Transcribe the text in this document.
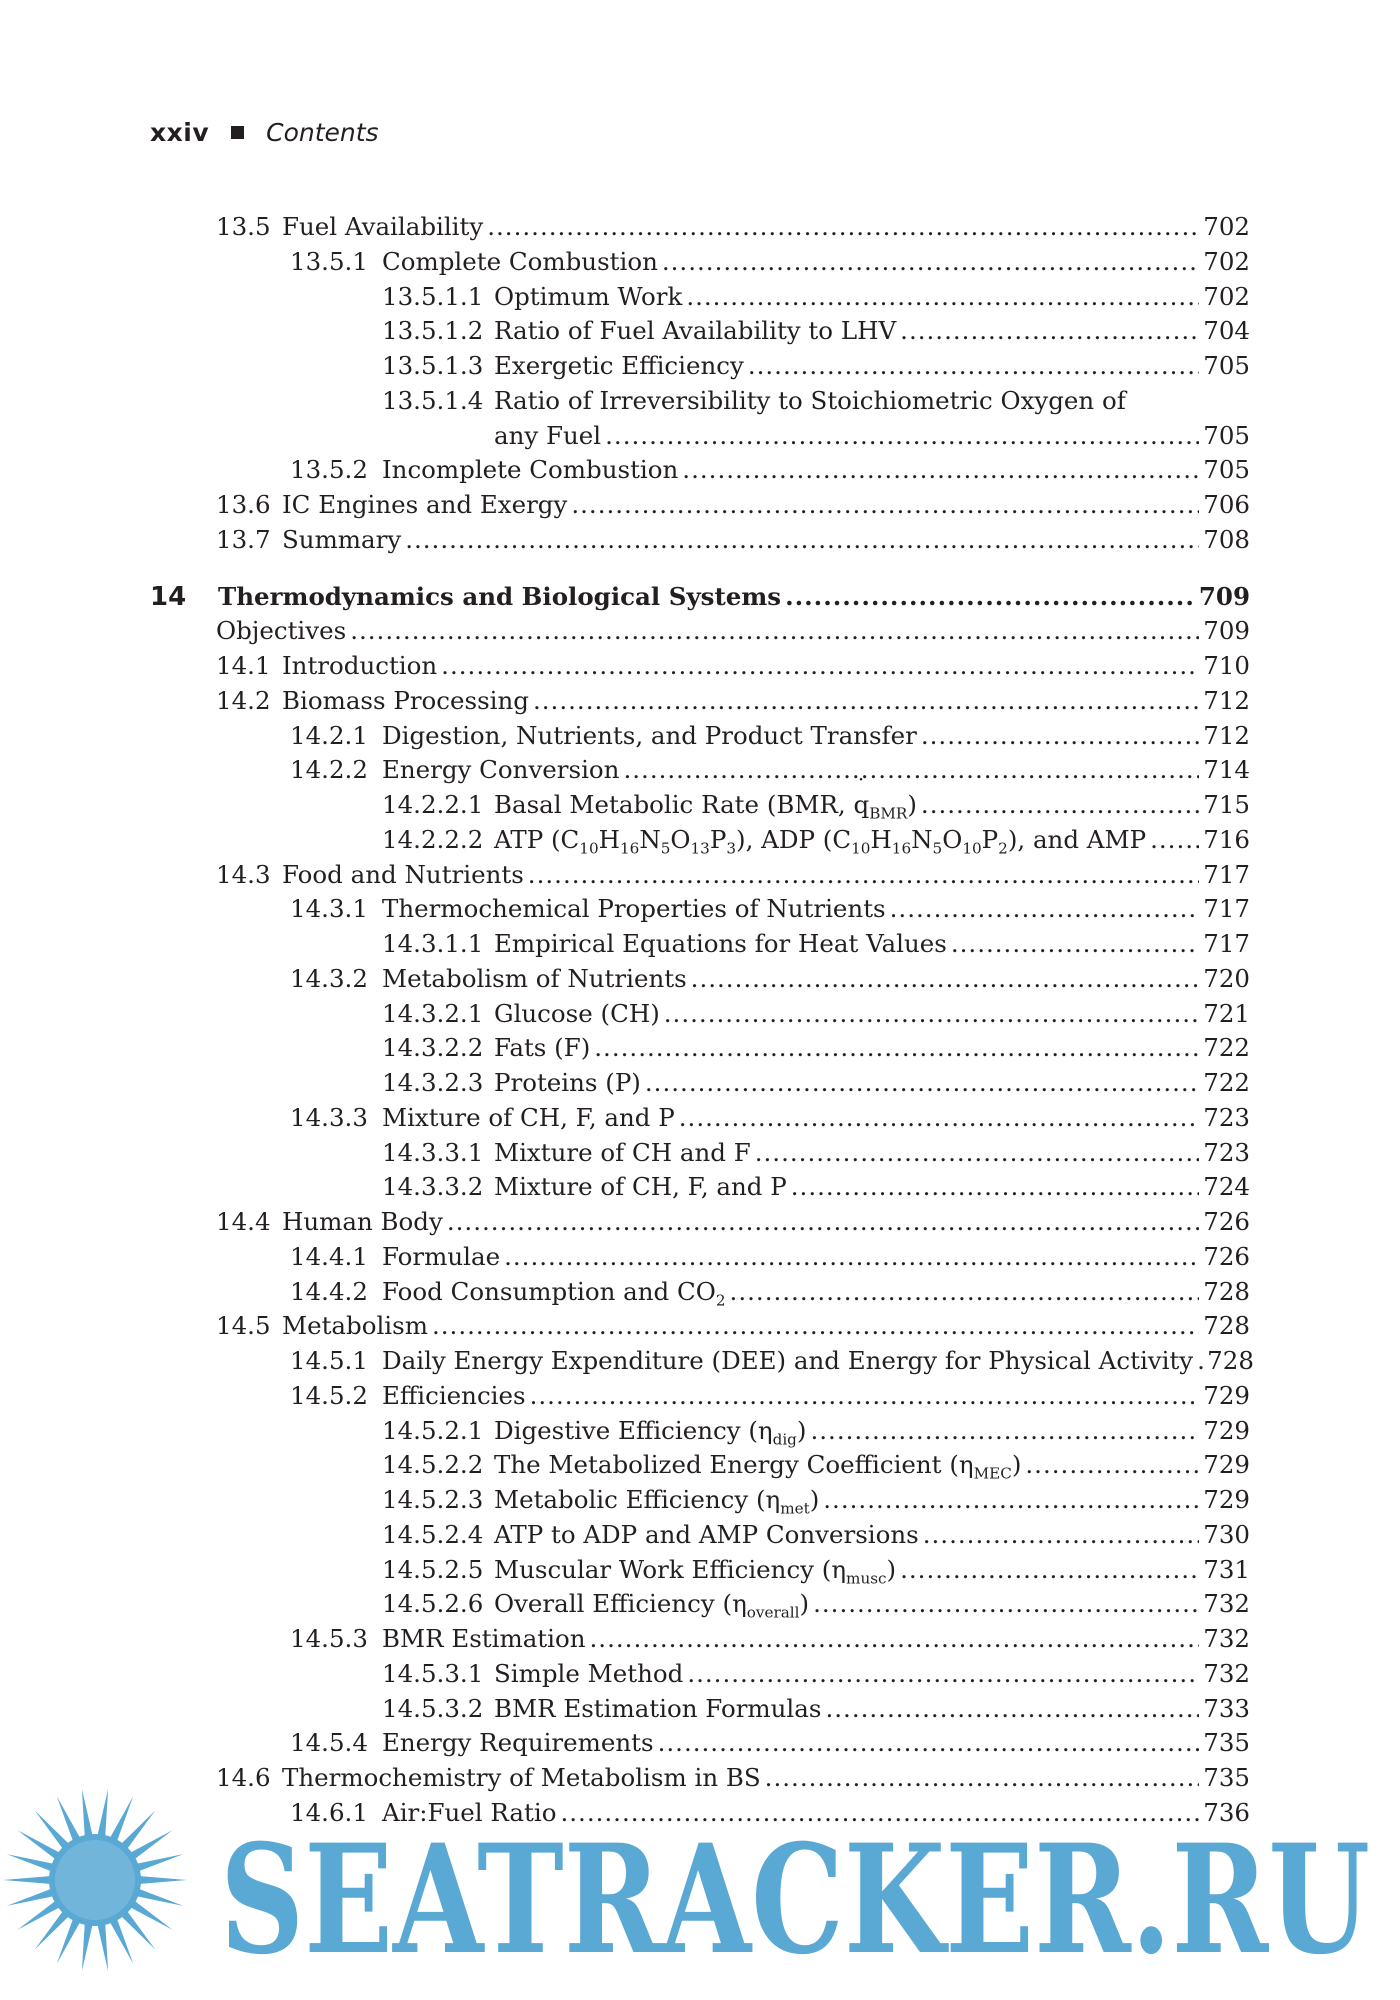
xxiv Contents
13.5 Fuel Availability .....	702
13.5.1 Complete Combustion .....	702
13.5.1.1 Optimum Work .....	702
13.5.1.2 Ratio of Fuel Availability to LHV .....	704
13.5.1.3 Exergetic Efficiency .....	705
13.5.1.4 Ratio of Irreversibility to Stoichiometric Oxygen of
any Fuel .....	705
13.5.2 Incomplete Combustion .....	705
13.6 IC Engines and Exergy .....	706
13.7 Summary .....	708
14	Thermodynamics and Biological Systems .....	709
Objectives .....	709
14.1 Introduction .....	710
14.2 Biomass Processing .....	712
14.2.1 Digestion, Nutrients, and Product Transfer .....	712
14.2.2 Energy Conversion .....	714
14.2.2.1 Basal Metabolic Rate (BMR, ˙ $q_{BMR}$) .....	715
14.2.2.2 ATP $(C_{10}H_{16}N_5O_{13}P_3)$, ADP $(C_{10}H_{16}N_5O_{10}P_2)$, and AMP ..... 716
14.3 Food and Nutrients .....	717
14.3.1 Thermochemical Properties of Nutrients .....	717
14.3.1.1 Empirical Equations for Heat Values .....	717
14.3.2 Metabolism of Nutrients .....	720
14.3.2.1 Glucose (CH) .....	721
14.3.2.2 Fats (F) .....	722
14.3.2.3 Proteins (P) .....	722
14.3.3 Mixture of CH, F, and P .....	723
14.3.3.1 Mixture of CH and F .....	723
14.3.3.2 Mixture of CH, F, and P .....	724
14.4 Human Body .....	726
14.4.1 Formulae .....	726
14.4.2 Food Consumption and $CO_2$ .....	728
14.5 Metabolism .....	728
14.5.1 Daily Energy Expenditure (DEE) and Energy for Physical Activity ..... 728
14.5.2 Efficiencies .....	729
14.5.2.1 Digestive Efficiency $(\eta_{dig})$ .....	729
14.5.2.2 The Metabolized Energy Coefficient $(\eta_{MEC})$ .....	729
14.5.2.3 Metabolic Efficiency $(\eta_{met})$ .....	729
14.5.2.4 ATP to ADP and AMP Conversions .....	730
14.5.2.5 Muscular Work Efficiency $(\eta_{musc})$ .....	731
14.5.2.6 Overall Efficiency $(\eta_{overall})$ .....	732
14.5.3 BMR Estimation .....	732
14.5.3.1 Simple Method .....	732
14.5.3.2 BMR Estimation Formulas .....	733
14.5.4 Energy Requirements .....	735
14.6 Thermochemistry of Metabolism in BS .....	735
14.6.1 Air:Fuel Ratio .....	736
SEATRACKER.RU
